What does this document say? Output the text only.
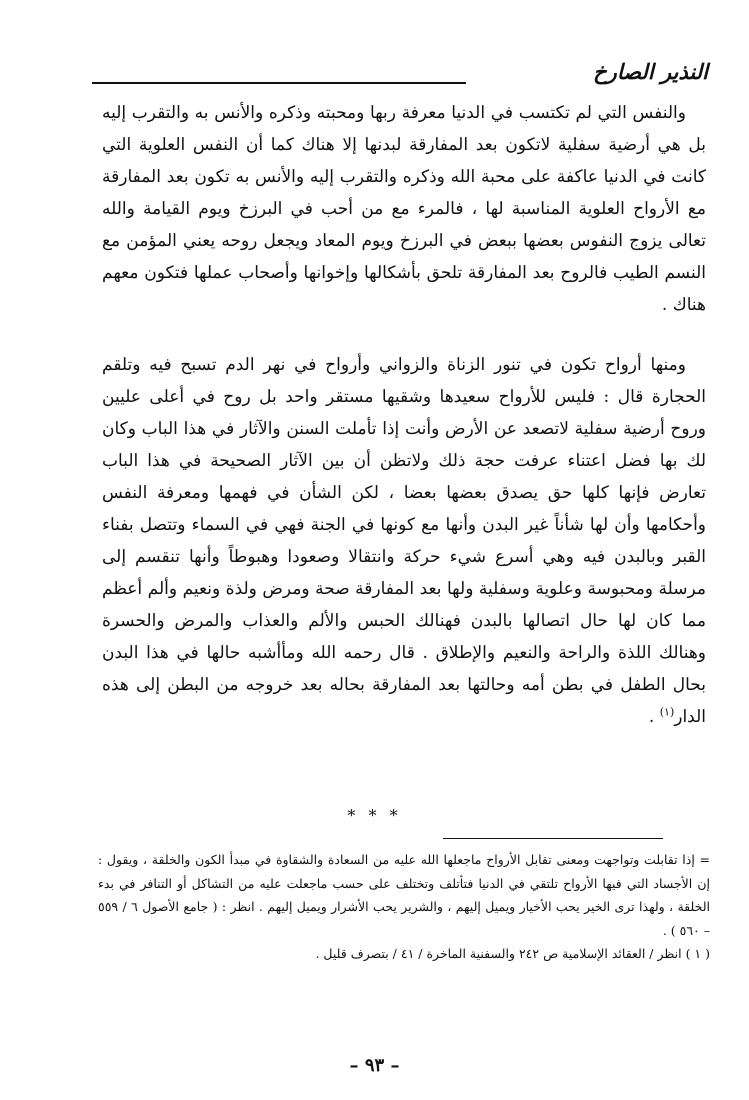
النذير الصارخ

والنفس التي لم تكتسب في الدنيا معرفة ربها ومحبته وذكره والأنس به والتقرب إليه بل هي أرضية سفلية لاتكون بعد المفارقة لبدنها إلا هناك كما أن النفس العلوية التي كانت في الدنيا عاكفة على محبة الله وذكره والتقرب إليه والأنس به تكون بعد المفارقة مع الأرواح العلوية المناسبة لها ، فالمرء مع من أحب في البرزخ ويوم القيامة والله تعالى يزوج النفوس بعضها ببعض في البرزخ ويوم المعاد ويجعل روحه يعني المؤمن مع النسم الطيب فالروح بعد المفارقة تلحق بأشكالها وإخوانها وأصحاب عملها فتكون معهم هناك .

ومنها أرواح تكون في تنور الزناة والزواني وأرواح في نهر الدم تسبح فيه وتلقم الحجارة قال : فليس للأرواح سعيدها وشقيها مستقر واحد بل روح في أعلى عليين وروح أرضية سفلية لاتصعد عن الأرض وأنت إذا تأملت السنن والآثار في هذا الباب وكان لك بها فضل اعتناء عرفت حجة ذلك ولاتظن أن بين الآثار الصحيحة في هذا الباب تعارض فإنها كلها حق يصدق بعضها بعضا ، لكن الشأن في فهمها ومعرفة النفس وأحكامها وأن لها شأناً غير البدن وأنها مع كونها في الجنة فهي في السماء وتتصل بفناء القبر وبالبدن فيه وهي أسرع شيء حركة وانتقالا وصعودا وهبوطاً وأنها تنقسم إلى مرسلة ومحبوسة وعلوية وسفلية ولها بعد المفارقة صحة ومرض ولذة ونعيم وألم أعظم مما كان لها حال اتصالها بالبدن فهنالك الحبس والألم والعذاب والمرض والحسرة وهنالك اللذة والراحة والنعيم والإطلاق . قال رحمه الله ومأأشبه حالها في هذا البدن بحال الطفل في بطن أمه وحالتها بعد المفارقة بحاله بعد خروجه من البطن إلى هذه الدار$^{(١)}$ .

* * *

= إذا تقابلت وتواجهت ومعنى تقابل الأرواح ماجعلها الله عليه من السعادة والشقاوة في مبدأ الكون والخلقة ، ويقول : إن الأجساد التي فيها الأرواح تلتقي في الدنيا فتأتلف وتختلف على حسب ماجعلت عليه من التشاكل أو التنافر في بدء الخلقة ، ولهذا ترى الخير يحب الأخيار ويميل إليهم ، والشرير يحب الأشرار ويميل إليهم . انظر : ( جامع الأصول ٦ / ٥٥٩ – ٥٦٠ ) .

( ١ ) انظر / العقائد الإسلامية ص ٢٤٢ والسفنية الماخرة / ٤١ / بتصرف قليل .

– ٩٣ –
